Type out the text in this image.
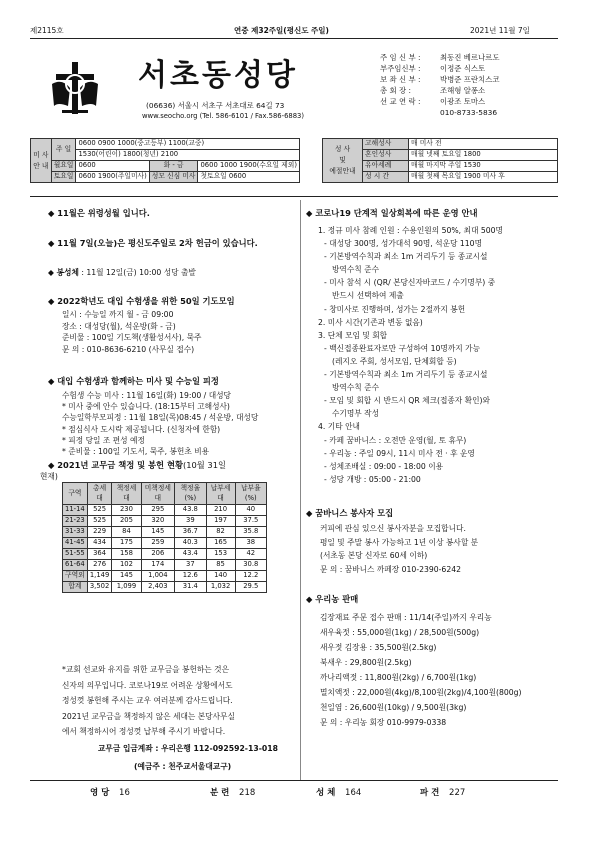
제2115호	연중 제32주일(평신도 주일)	2021년 11월 7일
서초동성당
(06636) 서울시 서초구 서초대로 64길 73
www.seocho.org (Tel. 586-6101 / Fax.586-6883)
주 임 신 부 :	최동진 베르나르도
부주임신부 :	이정준 식스토
보 좌 신 부 :	박병준 프란치스코
총 회 장 :	조해형 알퐁소
선 교 연 락 :	이광조 토마스
010-8733-5836
미 사
안 내	주 일	0600 0900 1000(중고등부) 1100(교중)		
		1530(어린이) 1800(청년) 2100		
	월요일	0600	화 - 금	0600 1000 1900(수요일 제외)
	토요일	0600 1900(주일미사)	성모 신심 미사	첫토요일 0600
성 사
및
예절안내	고해성사	매 미사 전
	혼인성사	매월 넷째 토요일 1800
	유아세례	매월 마지막 주일 1530
	성 시 간	매월 첫째 목요일 1900 미사 후
◆ 11월은 위령성월 입니다.
◆ 11월 7일(오늘)은 평신도주일로 2차 헌금이 있습니다.
◆ 봉성체 : 11월 12일(금) 10:00 성당 출발
◆ 2022학년도 대입 수험생을 위한 50일 기도모임
일시 : 수능일 까지 월 - 금 09:00
장소 : 대성당(월), 석운방(화 - 금)
준비물 : 100일 기도책(생활성서사), 묵주
문 의 : 010-8636-6210 (사무실 접수)
◆ 대입 수험생과 함께하는 미사 및 수능일 피정
수험생 수능 미사 : 11월 16일(화) 19:00 / 대성당
* 미사 중에 안수 있습니다. (18:15부터 고해성사)
수능일학부모피정 : 11월 18일(목)08:45 / 석운방, 대성당
* 점심식사 도시락 제공됩니다. (신청자에 한함)
* 피정 당일 조 편성 예정
* 준비물 : 100일 기도서, 묵주, 봉헌초 비용
◆ 2021년 교무금 책정 및 봉헌 현황(10월 31일
현재)
구역	총세대	책정세대	미책정세대	책정율(%)	납부세대	납부율(%)
11-14	525	230	295	43.8	210	40
21-23	525	205	320	39	197	37.5
31-33	229	84	145	36.7	82	35.8
41-45	434	175	259	40.3	165	38
51-55	364	158	206	43.4	153	42
61-64	276	102	174	37	85	30.8
구역외	1,149	145	1,004	12.6	140	12.2
합계	3,502	1,099	2,403	31.4	1,032	29.5
*교회 선교와 유지를 위한 교무금을 봉헌하는 것은
신자의 의무입니다. 코로나19로 어려운 상황에서도
정성껏 봉헌해 주시는 교우 여러분께 감사드립니다.
2021년 교무금을 책정하지 않은 세대는 본당사무실
에서 책정하시어 정성껏 납부해 주시기 바랍니다.
교무금 입금계좌 : 우리은행 112-092592-13-018
(예금주 : 천주교서울대교구)
◆ 코로나19 단계적 일상회복에 따른 운영 안내
1. 정규 미사 참례 인원 : 수용인원의 50%, 최대 500명
- 대성당 300명, 성가대석 90명, 석운당 110명
- 기본방역수칙과 최소 1m 거리두기 등 종교시설
방역수칙 준수
- 미사 참석 시 (QR/ 본당신자바코드 / 수기명부) 중
반드시 선택하여 제출
- 창미사로 진행하며, 성가는 2절까지 봉헌
2. 미사 시간(기존과 변동 없음)
3. 단체 모임 및 회합
- 백신접종완료자로만 구성하여 10명까지 가능
(레지오 주회, 성서모임, 단체회합 등)
- 기본방역수칙과 최소 1m 거리두기 등 종교시설
방역수칙 준수
- 모임 및 회합 시 반드시 QR 체크(접종자 확인)와
수기명부 작성
4. 기타 안내
- 카페 꿈바니스 : 오전만 운영(월, 토 휴무)
- 우리농 : 주일 09시, 11시 미사 전 · 후 운영
- 성체조배실 : 09:00 - 18:00 이용
- 성당 개방 : 05:00 - 21:00
◆ 꿈바니스 봉사자 모집
커피에 관심 있으신 봉사자분을 모집합니다.
평일 및 주말 봉사 가능하고 1년 이상 봉사할 분
(서초동 본당 신자로 60세 이하)
문 의 : 꿈바니스 까페장 010-2390-6242
◆ 우리농 판매
김장재료 주문 접수 판매 : 11/14(주일)까지 우리농
새우육젓 : 55,000원(1kg) / 28,500원(500g)
새우젓 김장용 : 35,500원(2.5kg)
북새우 : 29,800원(2.5kg)
까나리액젓 : 11,800원(2kg) / 6,700원(1kg)
멸치액젓 : 22,000원(4kg)/8,100원(2kg)/4,100원(800g)
천일염 : 26,600원(10kg) / 9,500원(3kg)
문 의 : 우리농 회장 010-9979-0338
영 당 16	분 련 218	성 체 164	파 견 227
